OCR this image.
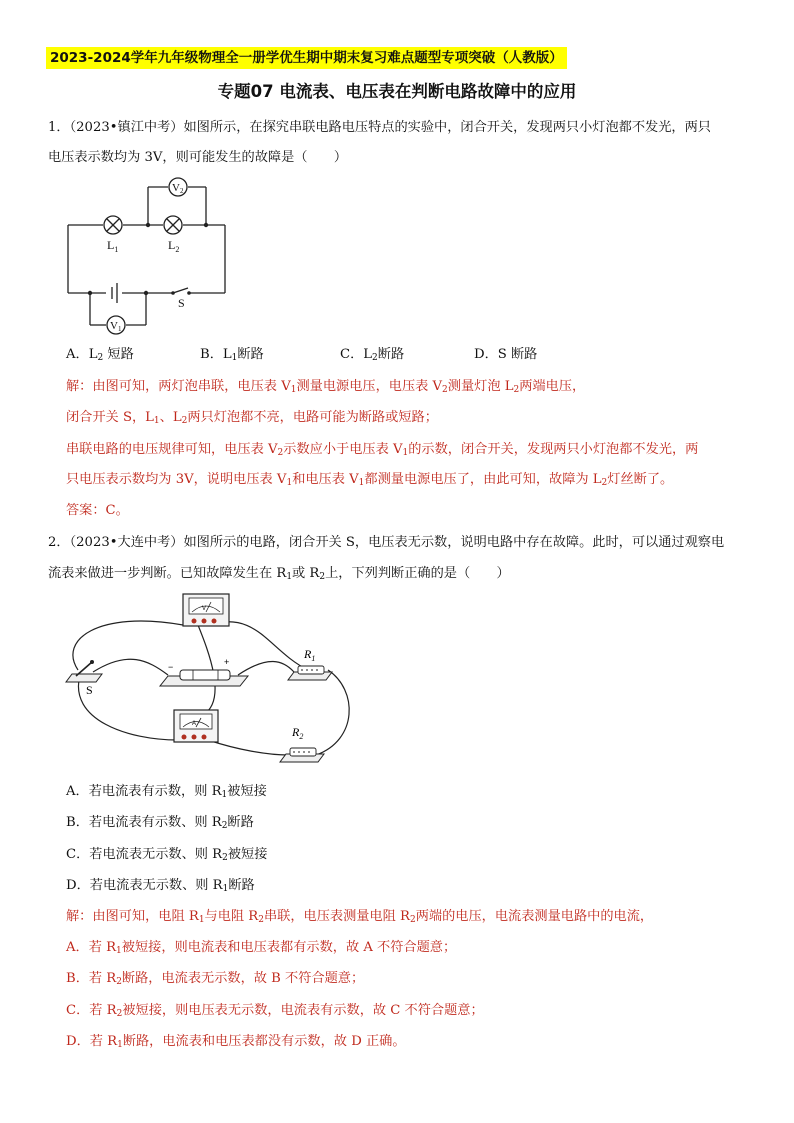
2023-2024学年九年级物理全一册学优生期中期末复习难点题型专项突破（人教版）
专题07 电流表、电压表在判断电路故障中的应用
1．（2023•镇江中考）如图所示，在探究串联电路电压特点的实验中，闭合开关，发现两只小灯泡都不发光，两只
电压表示数均为 3V，则可能发生的故障是（　　）
V2
V1
$L_1$	$L_2$
S
A．$L_2$ 短路	B．$L_1$断路	C．$L_2$断路	D．S 断路
解：由图可知，两灯泡串联，电压表 $V_1$测量电源电压，电压表 $V_2$测量灯泡 $L_2$两端电压，
闭合开关 S，$L_1$、$L_2$两只灯泡都不亮，电路可能为断路或短路；
串联电路的电压规律可知，电压表 $V_2$示数应小于电压表 $V_1$的示数，闭合开关，发现两只小灯泡都不发光，两
只电压表示数均为 3V，说明电压表 $V_1$和电压表 $V_1$都测量电源电压了，由此可知，故障为 $L_2$灯丝断了。
答案：C。
2．（2023•大连中考）如图所示的电路，闭合开关 S，电压表无示数，说明电路中存在故障。此时，可以通过观察电
流表来做进一步判断。已知故障发生在 $R_1$或 $R_2$上，下列判断正确的是（　　）
V
A
−	+
S
$R_1$
$R_2$
A．若电流表有示数，则 $R_1$被短接
B．若电流表有示数、则 $R_2$断路
C．若电流表无示数、则 $R_2$被短接
D．若电流表无示数、则 $R_1$断路
解：由图可知，电阻 $R_1$与电阻 $R_2$串联，电压表测量电阻 $R_2$两端的电压，电流表测量电路中的电流，
A．若 $R_1$被短接，则电流表和电压表都有示数，故 A 不符合题意；
B．若 $R_2$断路，电流表无示数，故 B 不符合题意；
C．若 $R_2$被短接，则电压表无示数，电流表有示数，故 C 不符合题意；
D．若 $R_1$断路，电流表和电压表都没有示数，故 D 正确。
